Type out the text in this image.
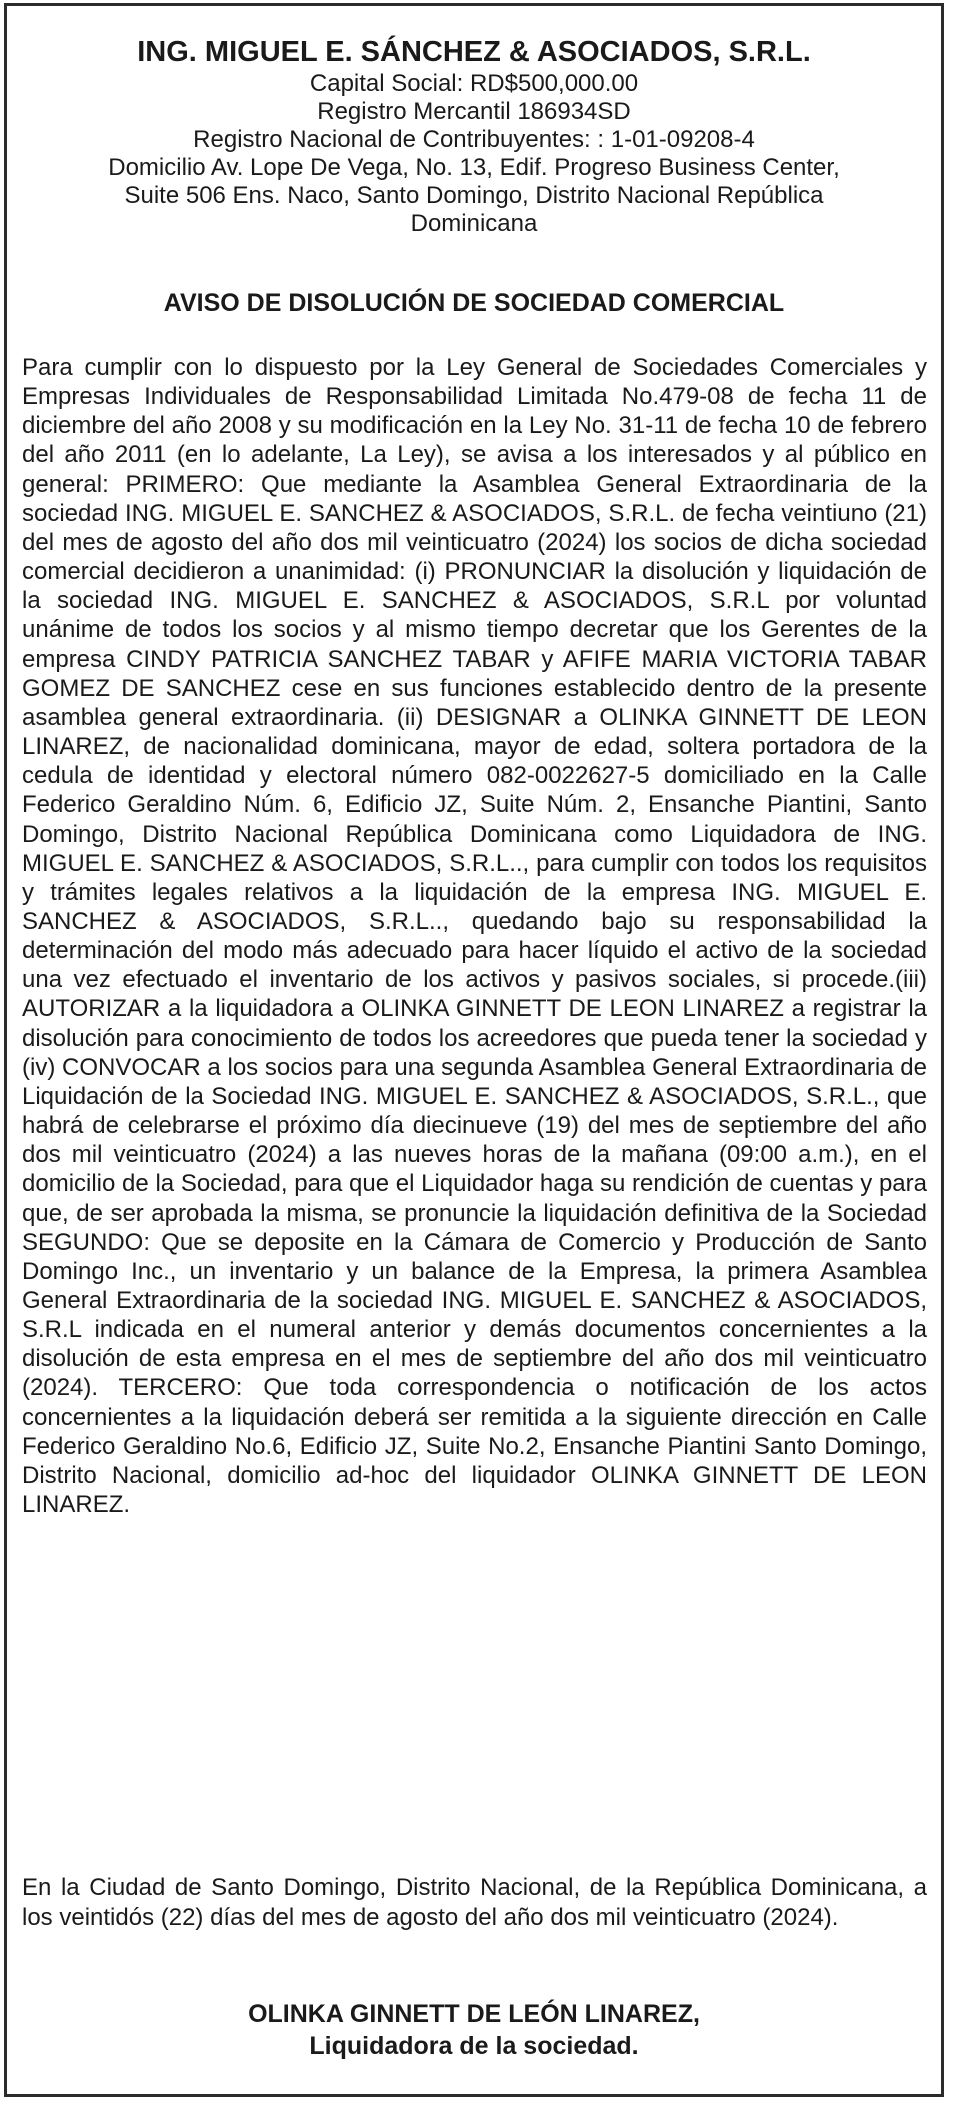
ING. MIGUEL E. SÁNCHEZ & ASOCIADOS, S.R.L.

Capital Social: RD$500,000.00

Registro Mercantil 186934SD

Registro Nacional de Contribuyentes: : 1-01-09208-4

Domicilio Av. Lope De Vega, No. 13, Edif. Progreso Business Center,

Suite 506 Ens. Naco, Santo Domingo, Distrito Nacional República

Dominicana

AVISO DE DISOLUCIÓN DE SOCIEDAD COMERCIAL

Para cumplir con lo dispuesto por la Ley General de Sociedades Comerciales y Empresas Individuales de Responsabilidad Limitada No.479-08 de fecha 11 de diciembre del año 2008 y su modificación en la Ley No. 31-11 de fecha 10 de febrero del año 2011 (en lo adelante, La Ley), se avisa a los interesados y al público en general: PRIMERO: Que mediante la Asamblea General Extraordinaria de la sociedad ING. MIGUEL E. SANCHEZ & ASOCIADOS, S.R.L. de fecha veintiuno (21) del mes de agosto del año dos mil veinticuatro (2024) los socios de dicha sociedad comercial decidieron a unanimidad: (i) PRONUNCIAR la disolución y liquidación de la sociedad ING. MIGUEL E. SANCHEZ & ASOCIADOS, S.R.L por voluntad unánime de todos los socios y al mismo tiempo decretar que los Gerentes de la empresa CINDY PATRICIA SANCHEZ TABAR y AFIFE MARIA VICTORIA TABAR GOMEZ DE SANCHEZ cese en sus funciones establecido dentro de la presente asamblea general extraordinaria. (ii) DESIGNAR a OLINKA GINNETT DE LEON LINAREZ, de nacionalidad dominicana, mayor de edad, soltera portadora de la cedula de identidad y electoral número 082-0022627-5 domiciliado en la Calle Federico Geraldino Núm. 6, Edificio JZ, Suite Núm. 2, Ensanche Piantini, Santo Domingo, Distrito Nacional República Dominicana como Liquidadora de ING. MIGUEL E. SANCHEZ & ASOCIADOS, S.R.L.., para cumplir con todos los requisitos y trámites legales relativos a la liquidación de la empresa ING. MIGUEL E. SANCHEZ & ASOCIADOS, S.R.L.., quedando bajo su responsabilidad la determinación del modo más adecuado para hacer líquido el activo de la sociedad una vez efectuado el inventario de los activos y pasivos sociales, si procede.(iii) AUTORIZAR a la liquidadora a OLINKA GINNETT DE LEON LINAREZ a registrar la disolución para conocimiento de todos los acreedores que pueda tener la sociedad y (iv) CONVOCAR a los socios para una segunda Asamblea General Extraordinaria de Liquidación de la Sociedad ING. MIGUEL E. SANCHEZ & ASOCIADOS, S.R.L., que habrá de celebrarse el próximo día diecinueve (19) del mes de septiembre del año dos mil veinticuatro (2024) a las nueves horas de la mañana (09:00 a.m.), en el domicilio de la Sociedad, para que el Liquidador haga su rendición de cuentas y para que, de ser aprobada la misma, se pronuncie la liquidación definitiva de la Sociedad SEGUNDO: Que se deposite en la Cámara de Comercio y Producción de Santo Domingo Inc., un inventario y un balance de la Empresa, la primera Asamblea General Extraordinaria de la sociedad ING. MIGUEL E. SANCHEZ & ASOCIADOS, S.R.L indicada en el numeral anterior y demás documentos concernientes a la disolución de esta empresa en el mes de septiembre del año dos mil veinticuatro (2024). TERCERO: Que toda correspondencia o notificación de los actos concernientes a la liquidación deberá ser remitida a la siguiente dirección en Calle Federico Geraldino No.6, Edificio JZ, Suite No.2, Ensanche Piantini Santo Domingo, Distrito Nacional, domicilio ad-hoc del liquidador OLINKA GINNETT DE LEON LINAREZ.

En la Ciudad de Santo Domingo, Distrito Nacional, de la República Dominicana, a los veintidós (22) días del mes de agosto del año dos mil veinticuatro (2024).

OLINKA GINNETT DE LEÓN LINAREZ,
Liquidadora de la sociedad.
